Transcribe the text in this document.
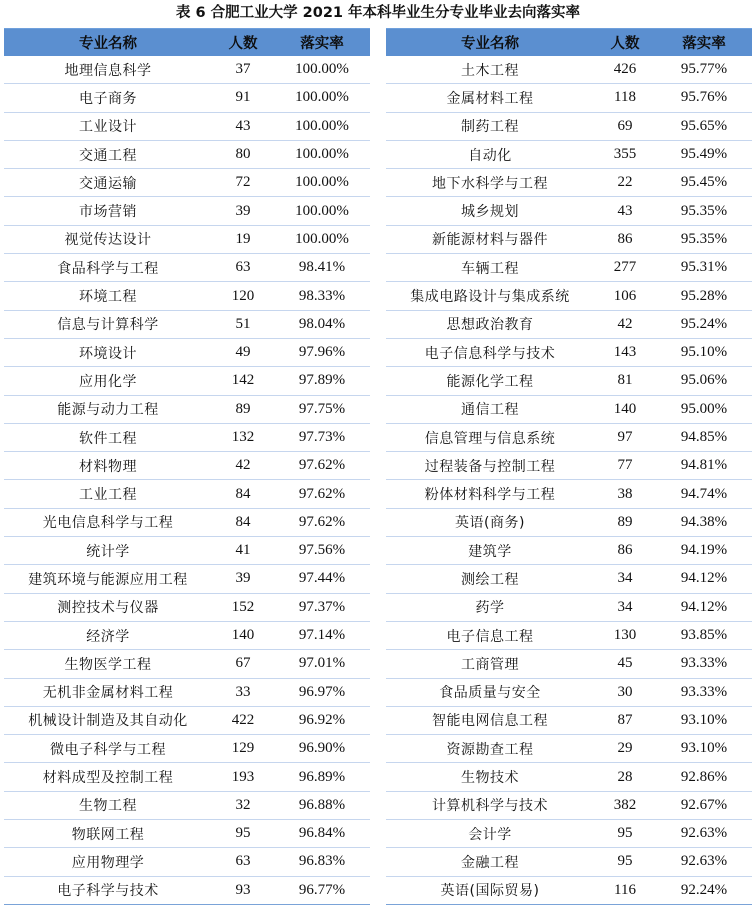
表 6 合肥工业大学 2021 年本科毕业生分专业毕业去向落实率
专业名称	人数	落实率
地理信息科学	37	100.00%
电子商务	91	100.00%
工业设计	43	100.00%
交通工程	80	100.00%
交通运输	72	100.00%
市场营销	39	100.00%
视觉传达设计	19	100.00%
食品科学与工程	63	98.41%
环境工程	120	98.33%
信息与计算科学	51	98.04%
环境设计	49	97.96%
应用化学	142	97.89%
能源与动力工程	89	97.75%
软件工程	132	97.73%
材料物理	42	97.62%
工业工程	84	97.62%
光电信息科学与工程	84	97.62%
统计学	41	97.56%
建筑环境与能源应用工程	39	97.44%
测控技术与仪器	152	97.37%
经济学	140	97.14%
生物医学工程	67	97.01%
无机非金属材料工程	33	96.97%
机械设计制造及其自动化	422	96.92%
微电子科学与工程	129	96.90%
材料成型及控制工程	193	96.89%
生物工程	32	96.88%
物联网工程	95	96.84%
应用物理学	63	96.83%
电子科学与技术	93	96.77%
专业名称	人数	落实率
土木工程	426	95.77%
金属材料工程	118	95.76%
制药工程	69	95.65%
自动化	355	95.49%
地下水科学与工程	22	95.45%
城乡规划	43	95.35%
新能源材料与器件	86	95.35%
车辆工程	277	95.31%
集成电路设计与集成系统	106	95.28%
思想政治教育	42	95.24%
电子信息科学与技术	143	95.10%
能源化学工程	81	95.06%
通信工程	140	95.00%
信息管理与信息系统	97	94.85%
过程装备与控制工程	77	94.81%
粉体材料科学与工程	38	94.74%
英语(商务)	89	94.38%
建筑学	86	94.19%
测绘工程	34	94.12%
药学	34	94.12%
电子信息工程	130	93.85%
工商管理	45	93.33%
食品质量与安全	30	93.33%
智能电网信息工程	87	93.10%
资源勘查工程	29	93.10%
生物技术	28	92.86%
计算机科学与技术	382	92.67%
会计学	95	92.63%
金融工程	95	92.63%
英语(国际贸易)	116	92.24%
